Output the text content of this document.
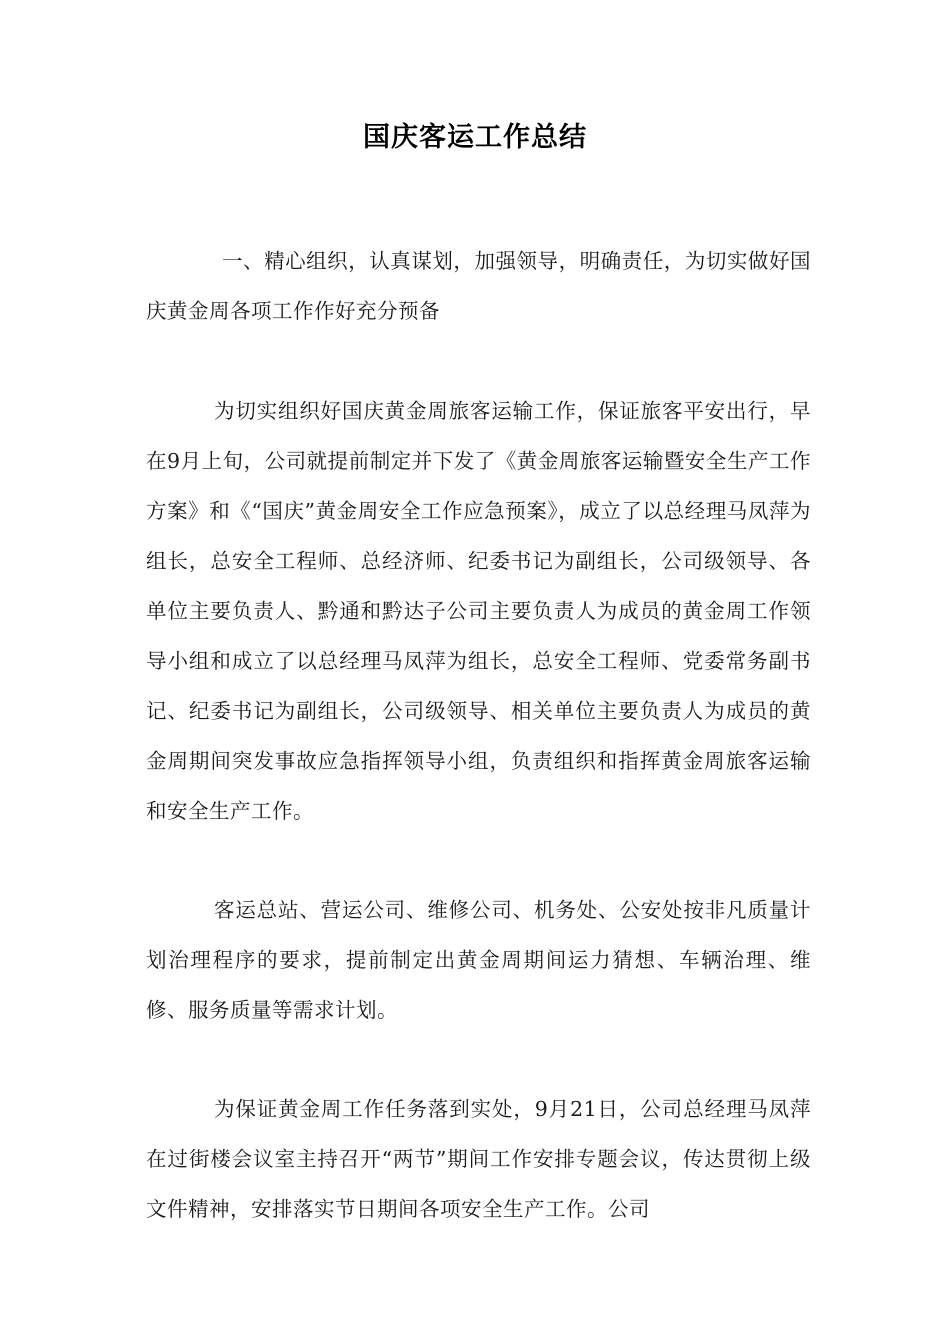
国庆客运工作总结

一、精心组织，认真谋划，加强领导，明确责任，为切实做好国庆黄金周各项工作作好充分预备

为切实组织好国庆黄金周旅客运输工作，保证旅客平安出行，早在9月上旬，公司就提前制定并下发了《黄金周旅客运输暨安全生产工作方案》和《“国庆”黄金周安全工作应急预案》，成立了以总经理马凤萍为组长，总安全工程师、总经济师、纪委书记为副组长，公司级领导、各单位主要负责人、黔通和黔达子公司主要负责人为成员的黄金周工作领导小组和成立了以总经理马凤萍为组长，总安全工程师、党委常务副书记、纪委书记为副组长，公司级领导、相关单位主要负责人为成员的黄金周期间突发事故应急指挥领导小组，负责组织和指挥黄金周旅客运输和安全生产工作。

客运总站、营运公司、维修公司、机务处、公安处按非凡质量计划治理程序的要求，提前制定出黄金周期间运力猜想、车辆治理、维修、服务质量等需求计划。

为保证黄金周工作任务落到实处，9月21日，公司总经理马凤萍在过街楼会议室主持召开“两节”期间工作安排专题会议，传达贯彻上级文件精神，安排落实节日期间各项安全生产工作。公司
